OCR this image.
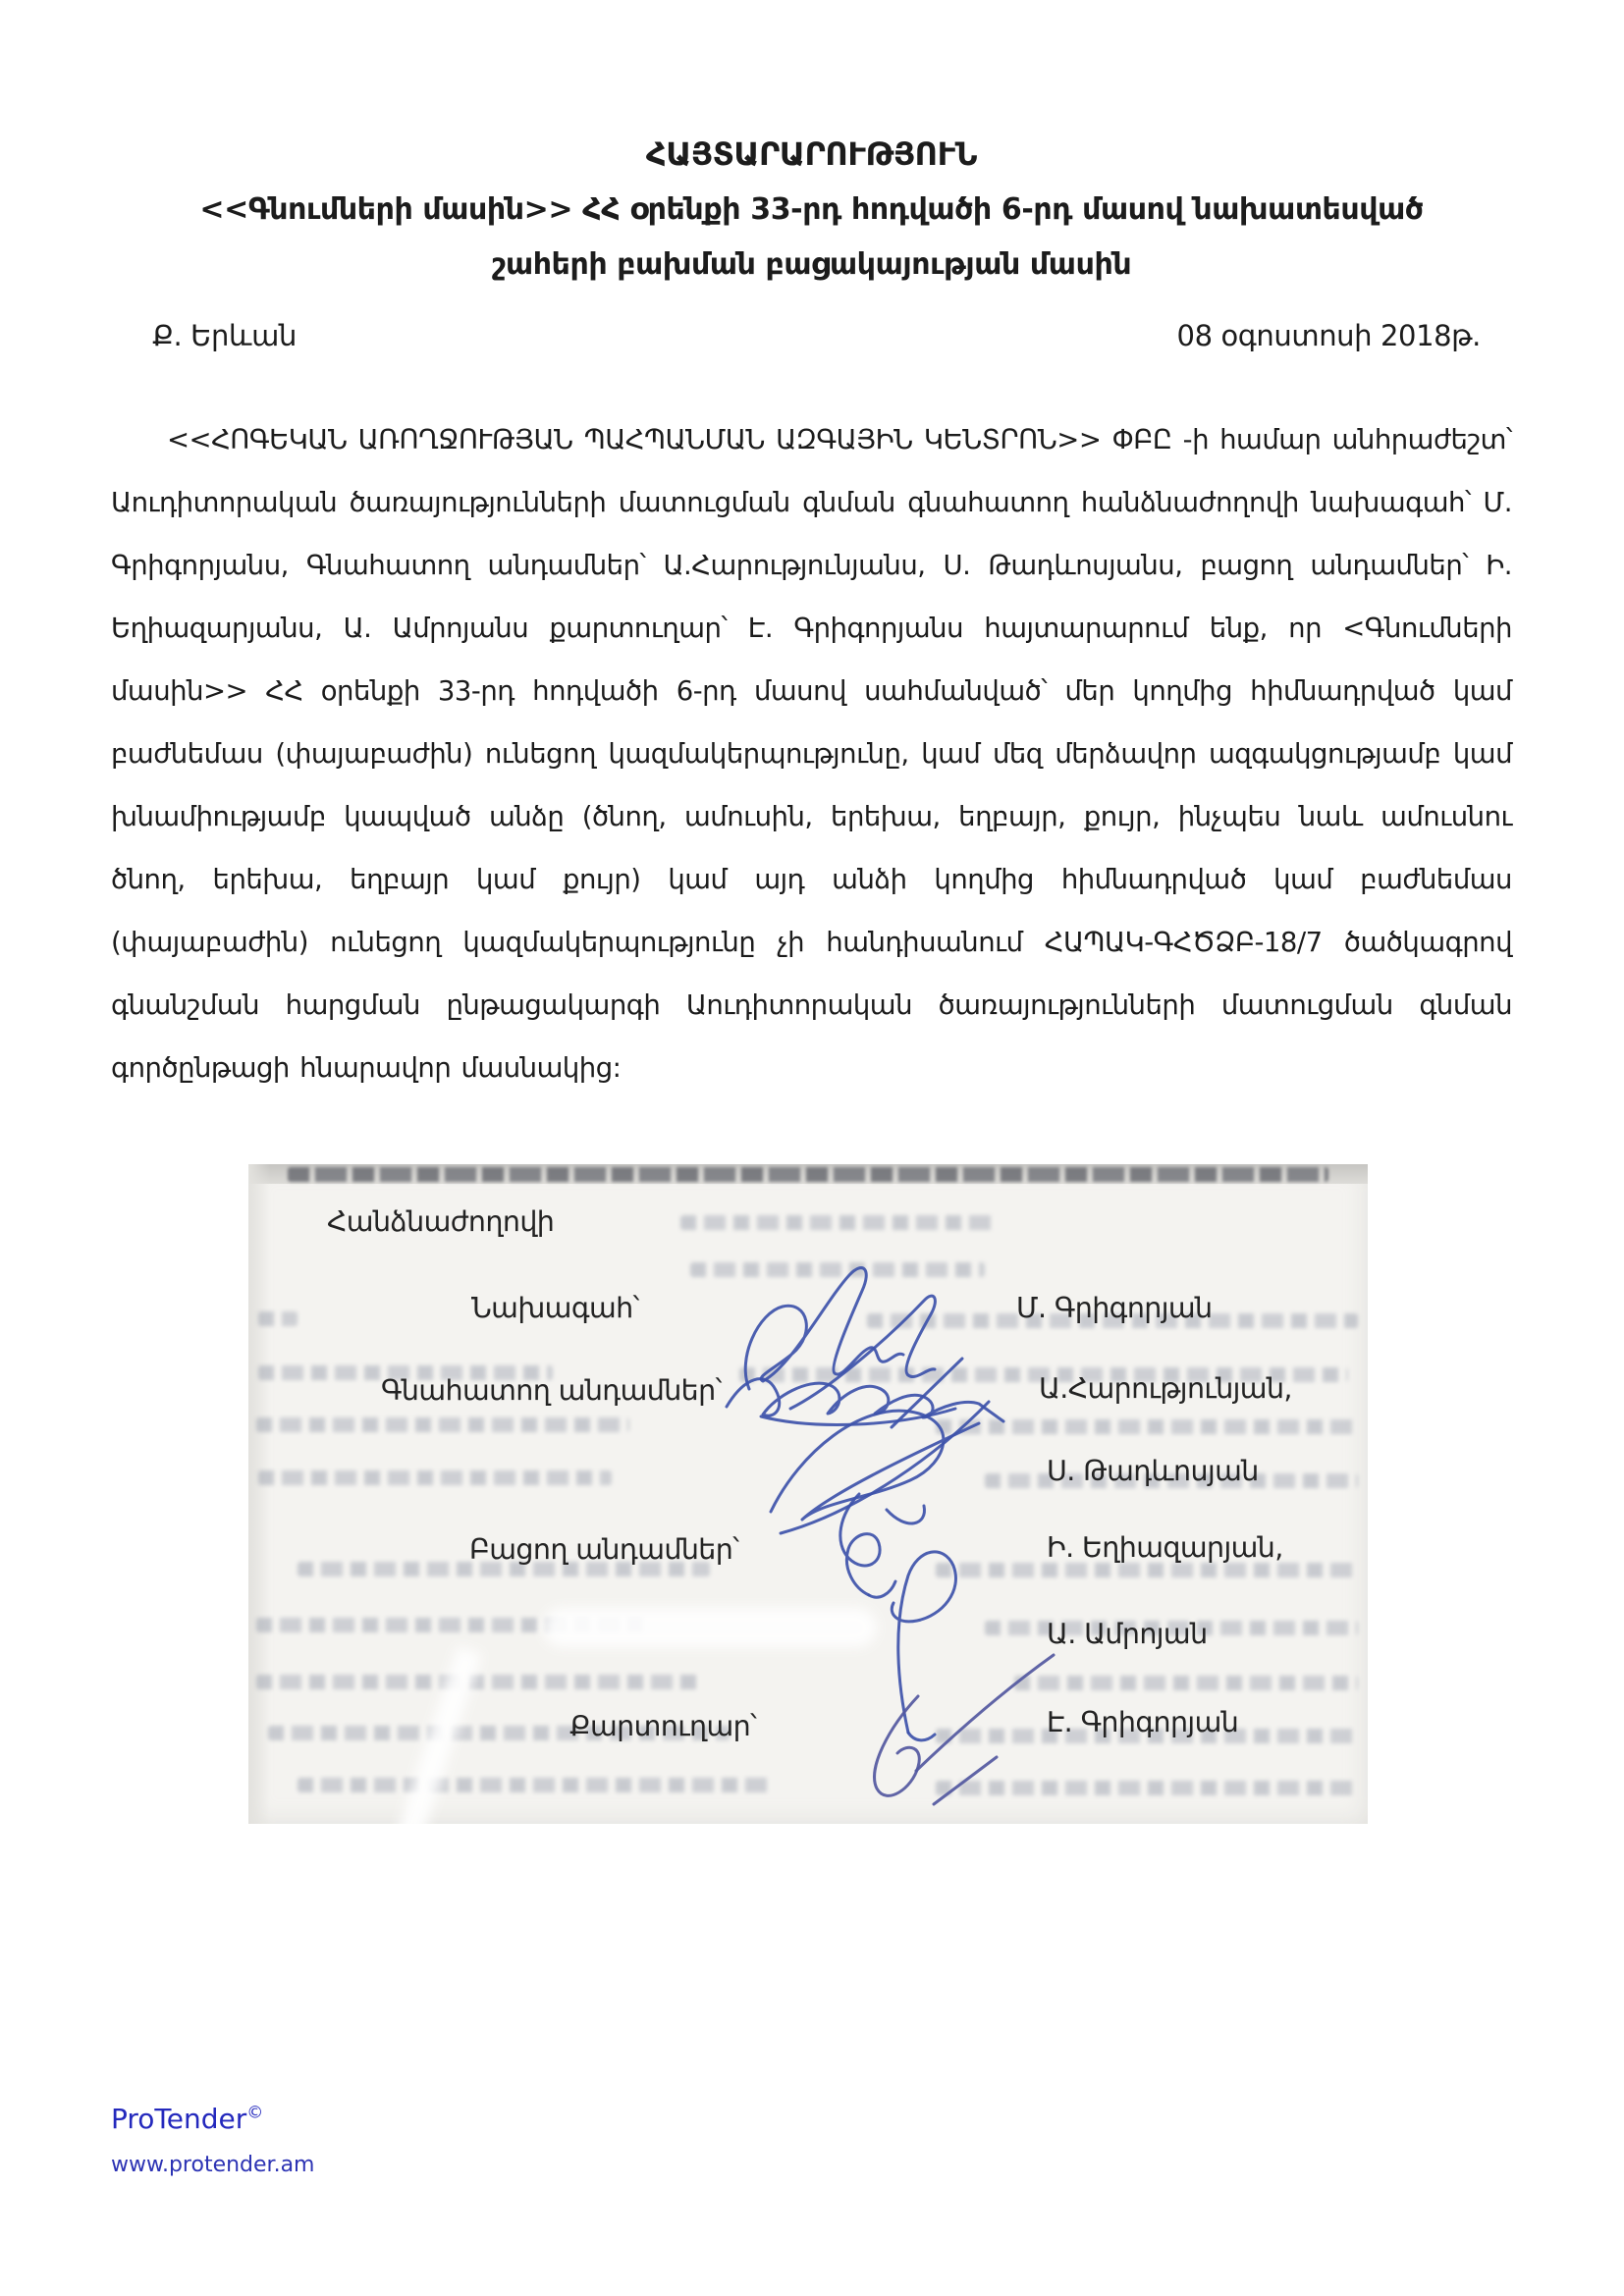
ՀԱՅՏԱՐԱՐՈՒԹՅՈՒՆ
<<Գնումների մասին>> ՀՀ օրենքի 33-րդ հոդվածի 6-րդ մասով նախատեսված
շահերի բախման բացակայության մասին
Ք. Երևան	08 օգոստոսի 2018թ.
<<ՀՈԳԵԿԱՆ ԱՌՈՂՋՈՒԹՅԱՆ ՊԱՀՊԱՆՄԱՆ ԱԶԳԱՅԻՆ ԿԵՆՏՐՈՆ>> ՓԲԸ -ի համար անհրաժեշտ՝ Աուդիտորական ծառայությունների մատուցման գնման գնահատող հանձնաժողովի նախագահ՝ Մ. Գրիգորյանս, Գնահատող անդամներ՝ Ա.Հարությունյանս, Ս. Թադևոսյանս, բացող անդամներ՝ Ի. Եղիազարյանս, Ա. Ամրոյանս քարտուղար՝ Է. Գրիգորյանս հայտարարում ենք, որ <Գնումների մասին>> ՀՀ օրենքի 33-րդ հոդվածի 6-րդ մասով սահմանված՝ մեր կողմից հիմնադրված կամ բաժնեմաս (փայաբաժին) ունեցող կազմակերպությունը, կամ մեզ մերձավոր ազգակցությամբ կամ խնամիությամբ կապված անձը (ծնող, ամուսին, երեխա, եղբայր, քույր, ինչպես նաև ամուսնու ծնող, երեխա, եղբայր կամ քույր) կամ այդ անձի կողմից հիմնադրված կամ բաժնեմաս (փայաբաժին) ունեցող կազմակերպությունը չի հանդիսանում ՀԱՊԱԿ-ԳՀԾՁԲ-18/7 ծածկագրով գնանշման հարցման ընթացակարգի Աուդիտորական ծառայությունների մատուցման գնման գործընթացի հնարավոր մասնակից:
Հանձնաժողովի
Նախագահ՝	Մ. Գրիգորյան
Գնահատող անդամներ՝	Ա.Հարությունյան,
Ս. Թադևոսյան
Բացող անդամներ՝	Ի. Եղիազարյան,
Ա. Ամրոյան
Քարտուղար՝	Է. Գրիգորյան
ProTender©
www.protender.am
